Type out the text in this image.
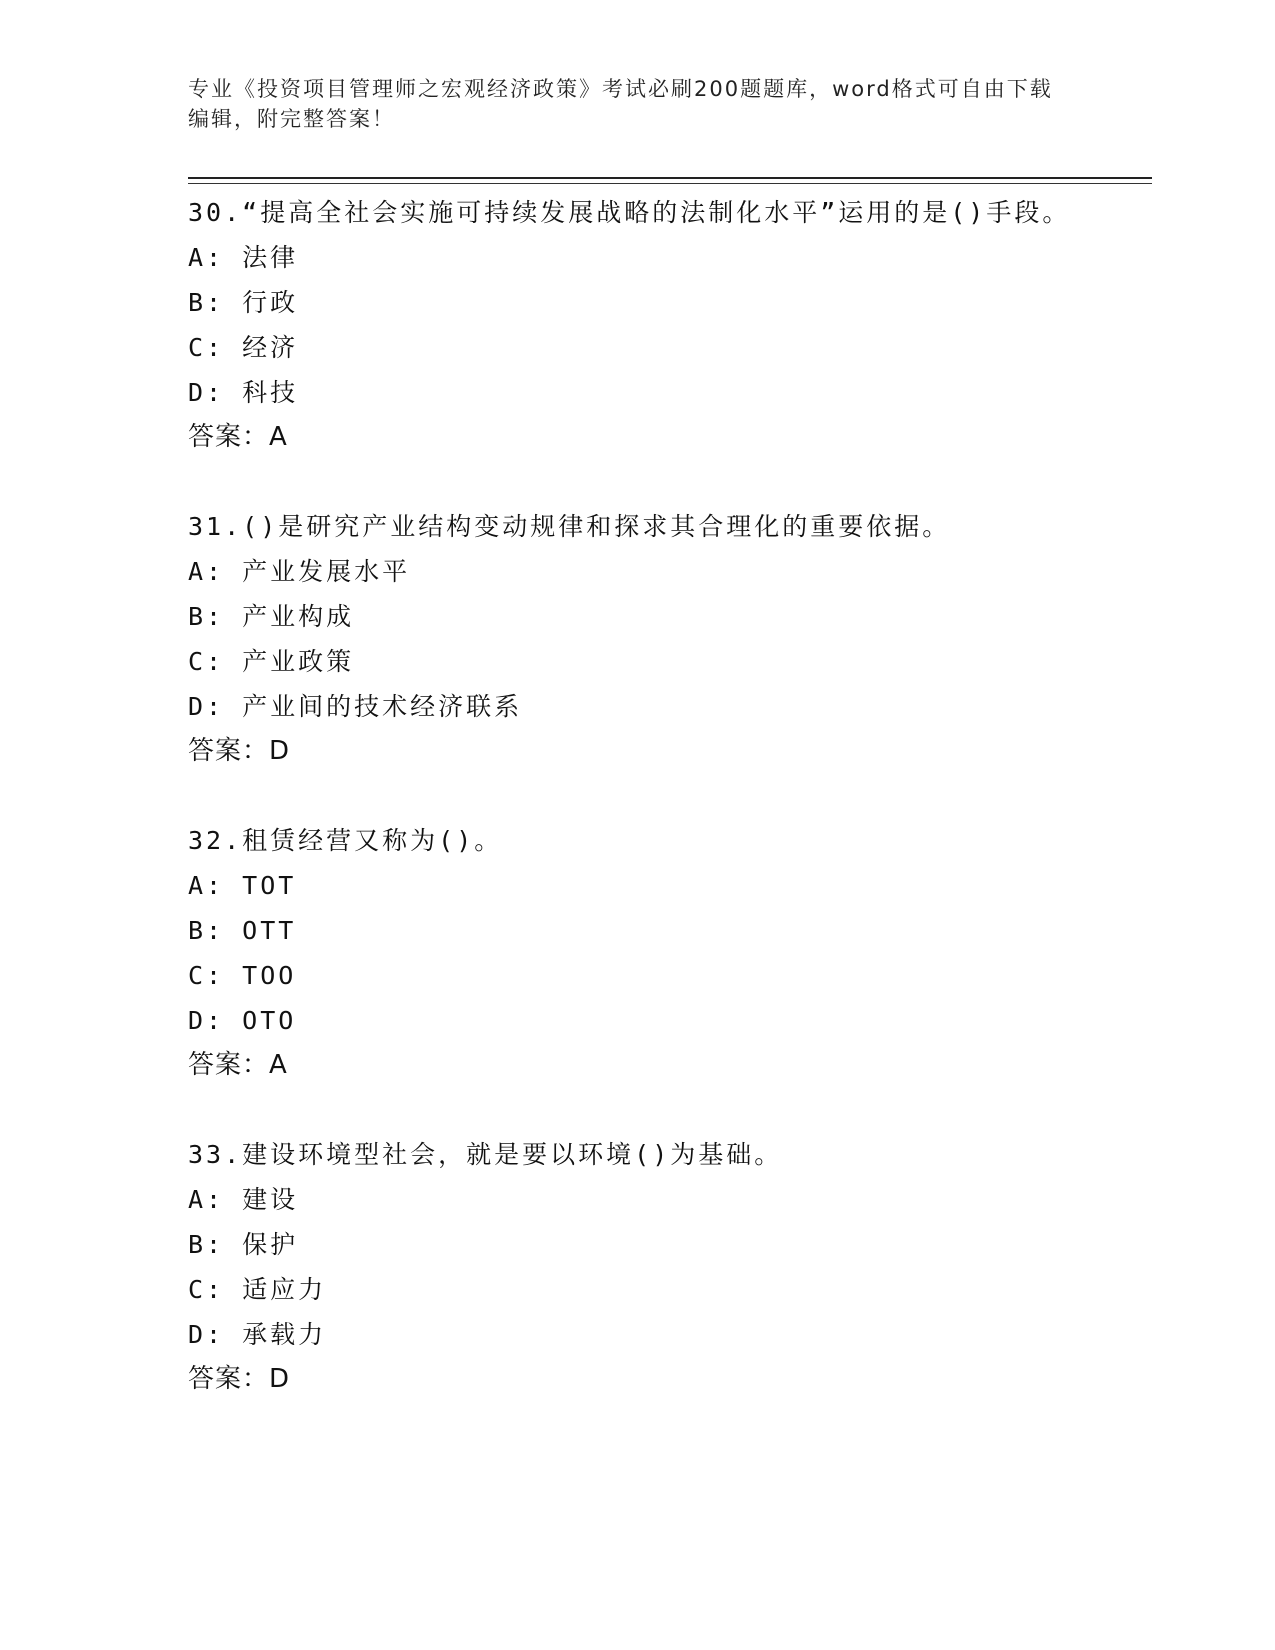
专业《投资项目管理师之宏观经济政策》考试必刷200题题库，word格式可自由下载编辑，附完整答案！

30.“提高全社会实施可持续发展战略的法制化水平”运用的是()手段。

A: 法律

B: 行政

C: 经济

D: 科技

答案：A

31.()是研究产业结构变动规律和探求其合理化的重要依据。

A: 产业发展水平

B: 产业构成

C: 产业政策

D: 产业间的技术经济联系

答案：D

32.租赁经营又称为()。

A: TOT

B: OTT

C: TOO

D: OTO

答案：A

33.建设环境型社会，就是要以环境()为基础。

A: 建设

B: 保护

C: 适应力

D: 承载力

答案：D
